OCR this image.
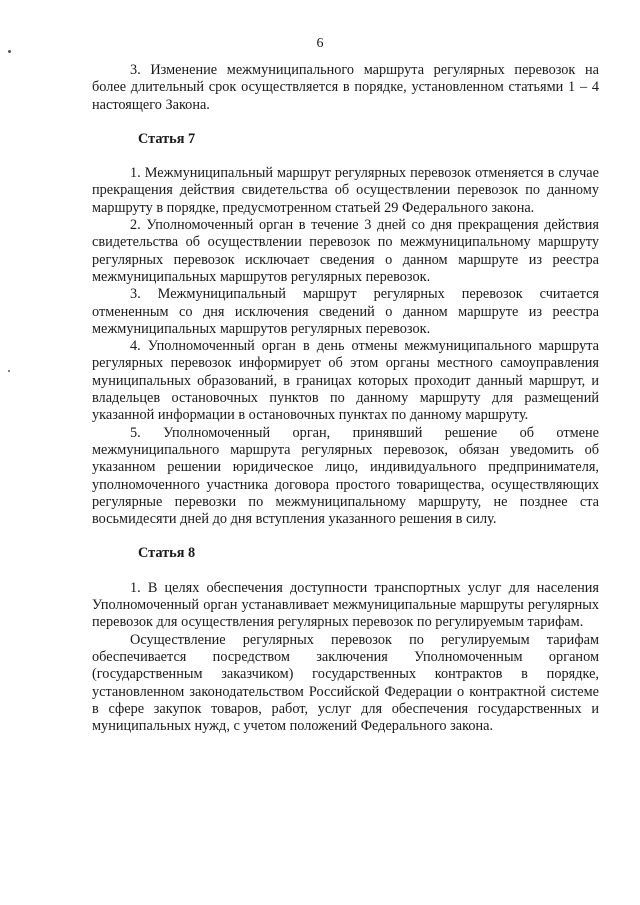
6

3. Изменение межмуниципального маршрута регулярных перевозок на более длительный срок осуществляется в порядке, установленном статьями 1 – 4 настоящего Закона.

Статья 7

1. Межмуниципальный маршрут регулярных перевозок отменяется в случае прекращения действия свидетельства об осуществлении перевозок по данному маршруту в порядке, предусмотренном статьей 29 Федерального закона.

2. Уполномоченный орган в течение 3 дней со дня прекращения действия свидетельства об осуществлении перевозок по межмуниципальному маршруту регулярных перевозок исключает сведения о данном маршруте из реестра межмуниципальных маршрутов регулярных перевозок.

3. Межмуниципальный маршрут регулярных перевозок считается отмененным со дня исключения сведений о данном маршруте из реестра межмуниципальных маршрутов регулярных перевозок.

4. Уполномоченный орган в день отмены межмуниципального маршрута регулярных перевозок информирует об этом органы местного самоуправления муниципальных образований, в границах которых проходит данный маршрут, и владельцев остановочных пунктов по данному маршруту для размещений указанной информации в остановочных пунктах по данному маршруту.

5. Уполномоченный орган, принявший решение об отмене межмуниципального маршрута регулярных перевозок, обязан уведомить об указанном решении юридическое лицо, индивидуального предпринимателя, уполномоченного участника договора простого товарищества, осуществляющих регулярные перевозки по межмуниципальному маршруту, не позднее ста восьмидесяти дней до дня вступления указанного решения в силу.

Статья 8

1. В целях обеспечения доступности транспортных услуг для населения Уполномоченный орган устанавливает межмуниципальные маршруты регулярных перевозок для осуществления регулярных перевозок по регулируемым тарифам.

Осуществление регулярных перевозок по регулируемым тарифам обеспечивается посредством заключения Уполномоченным органом (государственным заказчиком) государственных контрактов в порядке, установленном законодательством Российской Федерации о контрактной системе в сфере закупок товаров, работ, услуг для обеспечения государственных и муниципальных нужд, с учетом положений Федерального закона.
